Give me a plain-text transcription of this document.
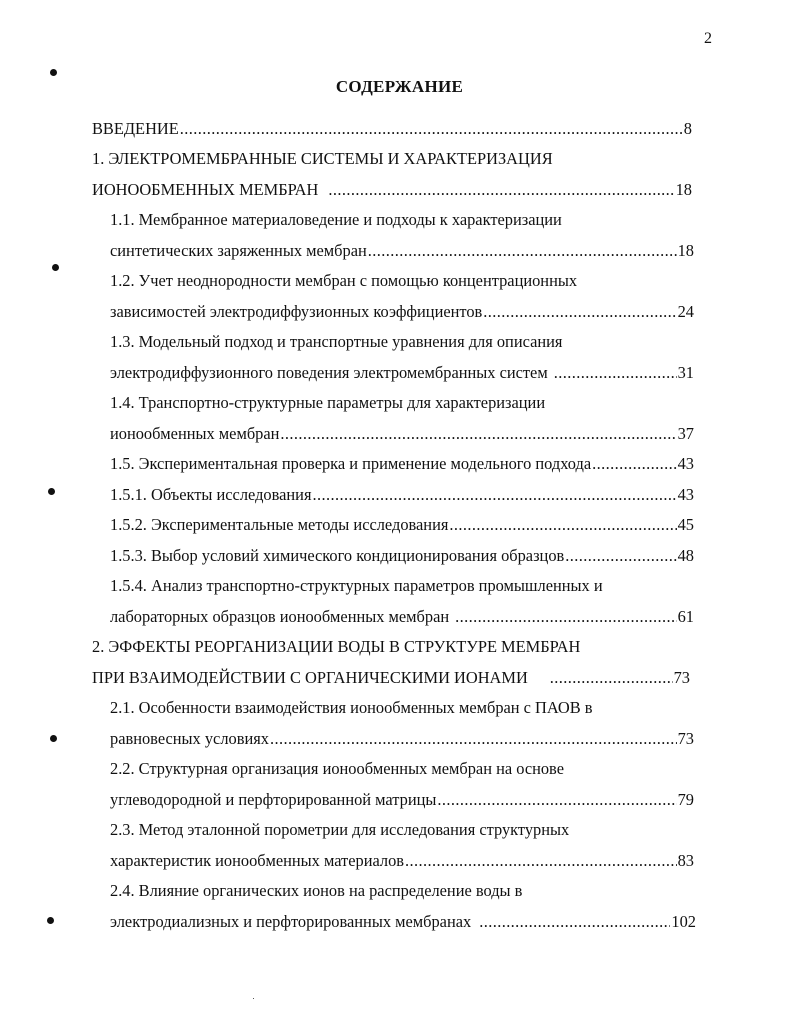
2
СОДЕРЖАНИЕ
ВВЕДЕНИЕ .....	8
1. ЭЛЕКТРОМЕМБРАННЫЕ СИСТЕМЫ И ХАРАКТЕРИЗАЦИЯ
ИОНООБМЕННЫХ МЕМБРАН .....	18
1.1. Мембранное материаловедение и подходы к характеризации
синтетических заряженных мембран .....	18
1.2. Учет неоднородности мембран с помощью концентрационных
зависимостей электродиффузионных коэффициентов .....	24
1.3. Модельный подход и транспортные уравнения для описания
электродиффузионного поведения электромембранных систем .....	31
1.4. Транспортно-структурные параметры для характеризации
ионообменных мембран .....	37
1.5. Экспериментальная проверка и применение модельного подхода .....	43
1.5.1. Объекты исследования .....	43
1.5.2. Экспериментальные методы исследования .....	45
1.5.3. Выбор условий химического кондиционирования образцов .....	48
1.5.4. Анализ транспортно-структурных параметров промышленных и
лабораторных образцов ионообменных мембран .....	61
2. ЭФФЕКТЫ РЕОРГАНИЗАЦИИ ВОДЫ В СТРУКТУРЕ МЕМБРАН
ПРИ ВЗАИМОДЕЙСТВИИ С ОРГАНИЧЕСКИМИ ИОНАМИ .....	73
2.1. Особенности взаимодействия ионообменных мембран с ПАОВ в
равновесных условиях .....	73
2.2. Структурная организация ионообменных мембран на основе
углеводородной и перфторированной матрицы .....	79
2.3. Метод эталонной порометрии для исследования структурных
характеристик ионообменных материалов .....	83
2.4. Влияние органических ионов на распределение воды в
электродиализных и перфторированных мембранах .....	102
